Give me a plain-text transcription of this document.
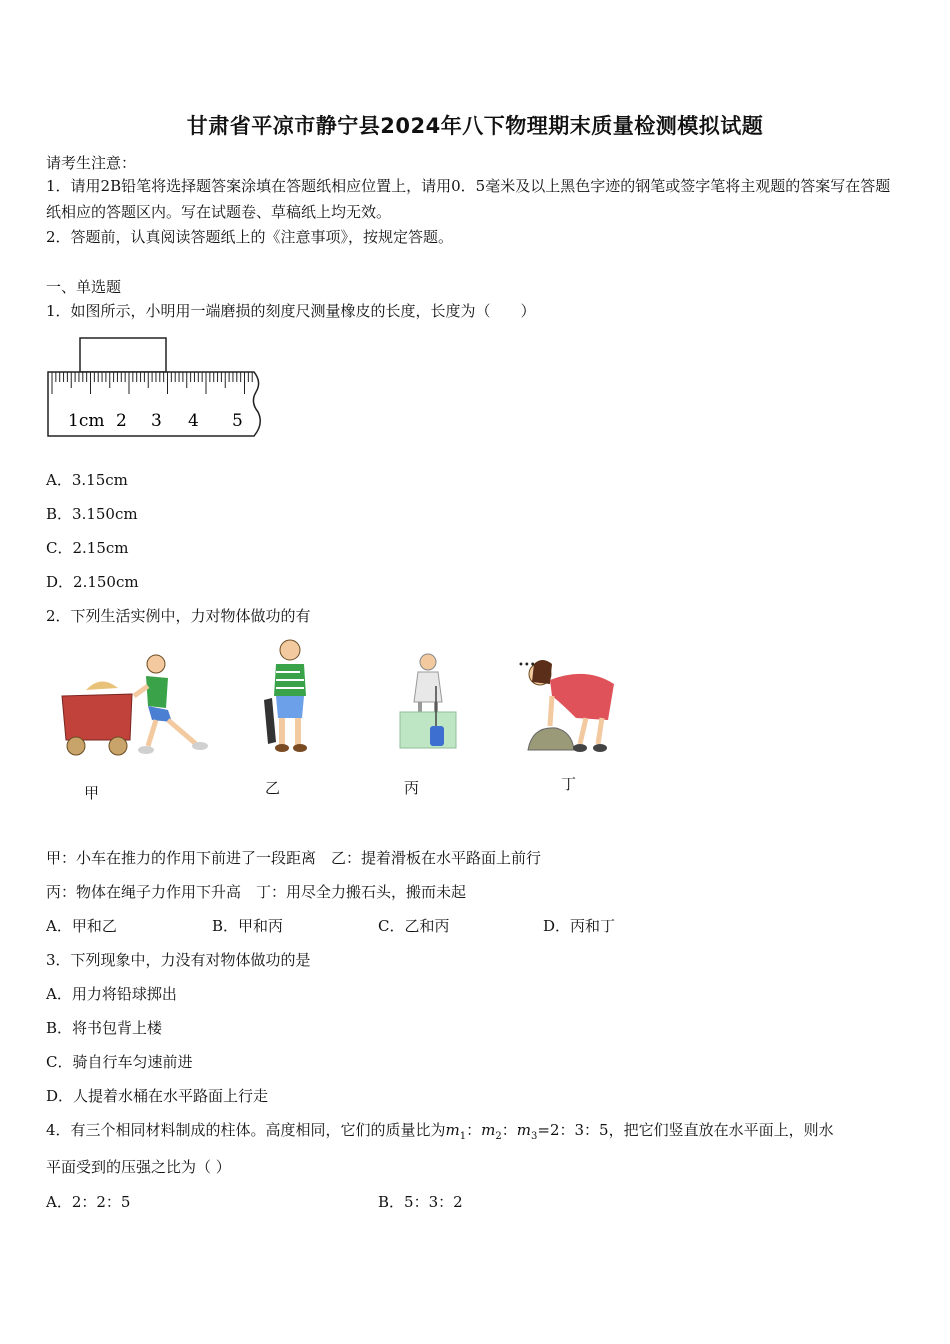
甘肃省平凉市静宁县2024年八下物理期末质量检测模拟试题
请考生注意：
1．请用2B铅笔将选择题答案涂填在答题纸相应位置上，请用0．5毫米及以上黑色字迹的钢笔或签字笔将主观题的答案写在答题纸相应的答题区内。写在试题卷、草稿纸上均无效。
2．答题前，认真阅读答题纸上的《注意事项》，按规定答题。
一、单选题
1．如图所示，小明用一端磨损的刻度尺测量橡皮的长度，长度为（　　）
1cm 2 3 4 5
A．3.15cm
B．3.150cm
C．2.15cm
D．2.150cm
2．下列生活实例中，力对物体做功的有
甲	乙	丙
•••
丁
甲：小车在推力的作用下前进了一段距离　乙：提着滑板在水平路面上前行
丙：物体在绳子力作用下升高　丁：用尽全力搬石头，搬而未起
A．甲和乙	B．甲和丙	C．乙和丙	D．丙和丁
3．下列现象中，力没有对物体做功的是
A．用力将铅球掷出
B．将书包背上楼
C．骑自行车匀速前进
D．人提着水桶在水平路面上行走
4．有三个相同材料制成的柱体。高度相同，它们的质量比为$m_1$：$m_2$：$m_3=2$：3：5，把它们竖直放在水平面上，则水
平面受到的压强之比为（ ）
A．2：2：5	B．5：3：2
